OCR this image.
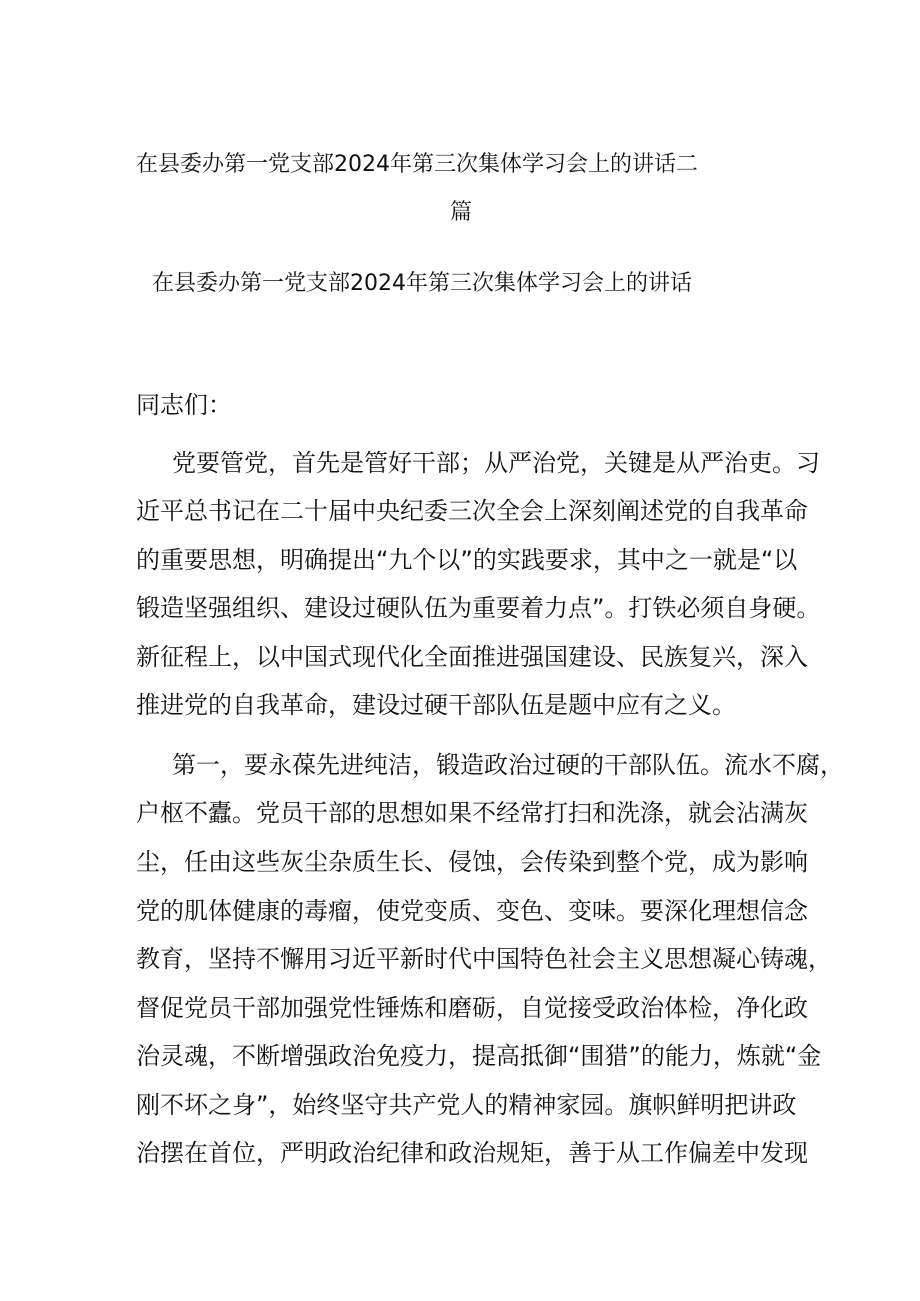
在县委办第一党支部2024年第三次集体学习会上的讲话二
篇
在县委办第一党支部2024年第三次集体学习会上的讲话
同志们：
党要管党，首先是管好干部；从严治党，关键是从严治吏。习
近平总书记在二十届中央纪委三次全会上深刻阐述党的自我革命
的重要思想，明确提出“九个以”的实践要求，其中之一就是“以
锻造坚强组织、建设过硬队伍为重要着力点”。打铁必须自身硬。
新征程上，以中国式现代化全面推进强国建设、民族复兴，深入
推进党的自我革命，建设过硬干部队伍是题中应有之义。
第一，要永葆先进纯洁，锻造政治过硬的干部队伍。流水不腐，
户枢不蠹。党员干部的思想如果不经常打扫和洗涤，就会沾满灰
尘，任由这些灰尘杂质生长、侵蚀，会传染到整个党，成为影响
党的肌体健康的毒瘤，使党变质、变色、变味。要深化理想信念
教育，坚持不懈用习近平新时代中国特色社会主义思想凝心铸魂，
督促党员干部加强党性锤炼和磨砺，自觉接受政治体检，净化政
治灵魂，不断增强政治免疫力，提高抵御“围猎”的能力，炼就“金
刚不坏之身”，始终坚守共产党人的精神家园。旗帜鲜明把讲政
治摆在首位，严明政治纪律和政治规矩，善于从工作偏差中发现
